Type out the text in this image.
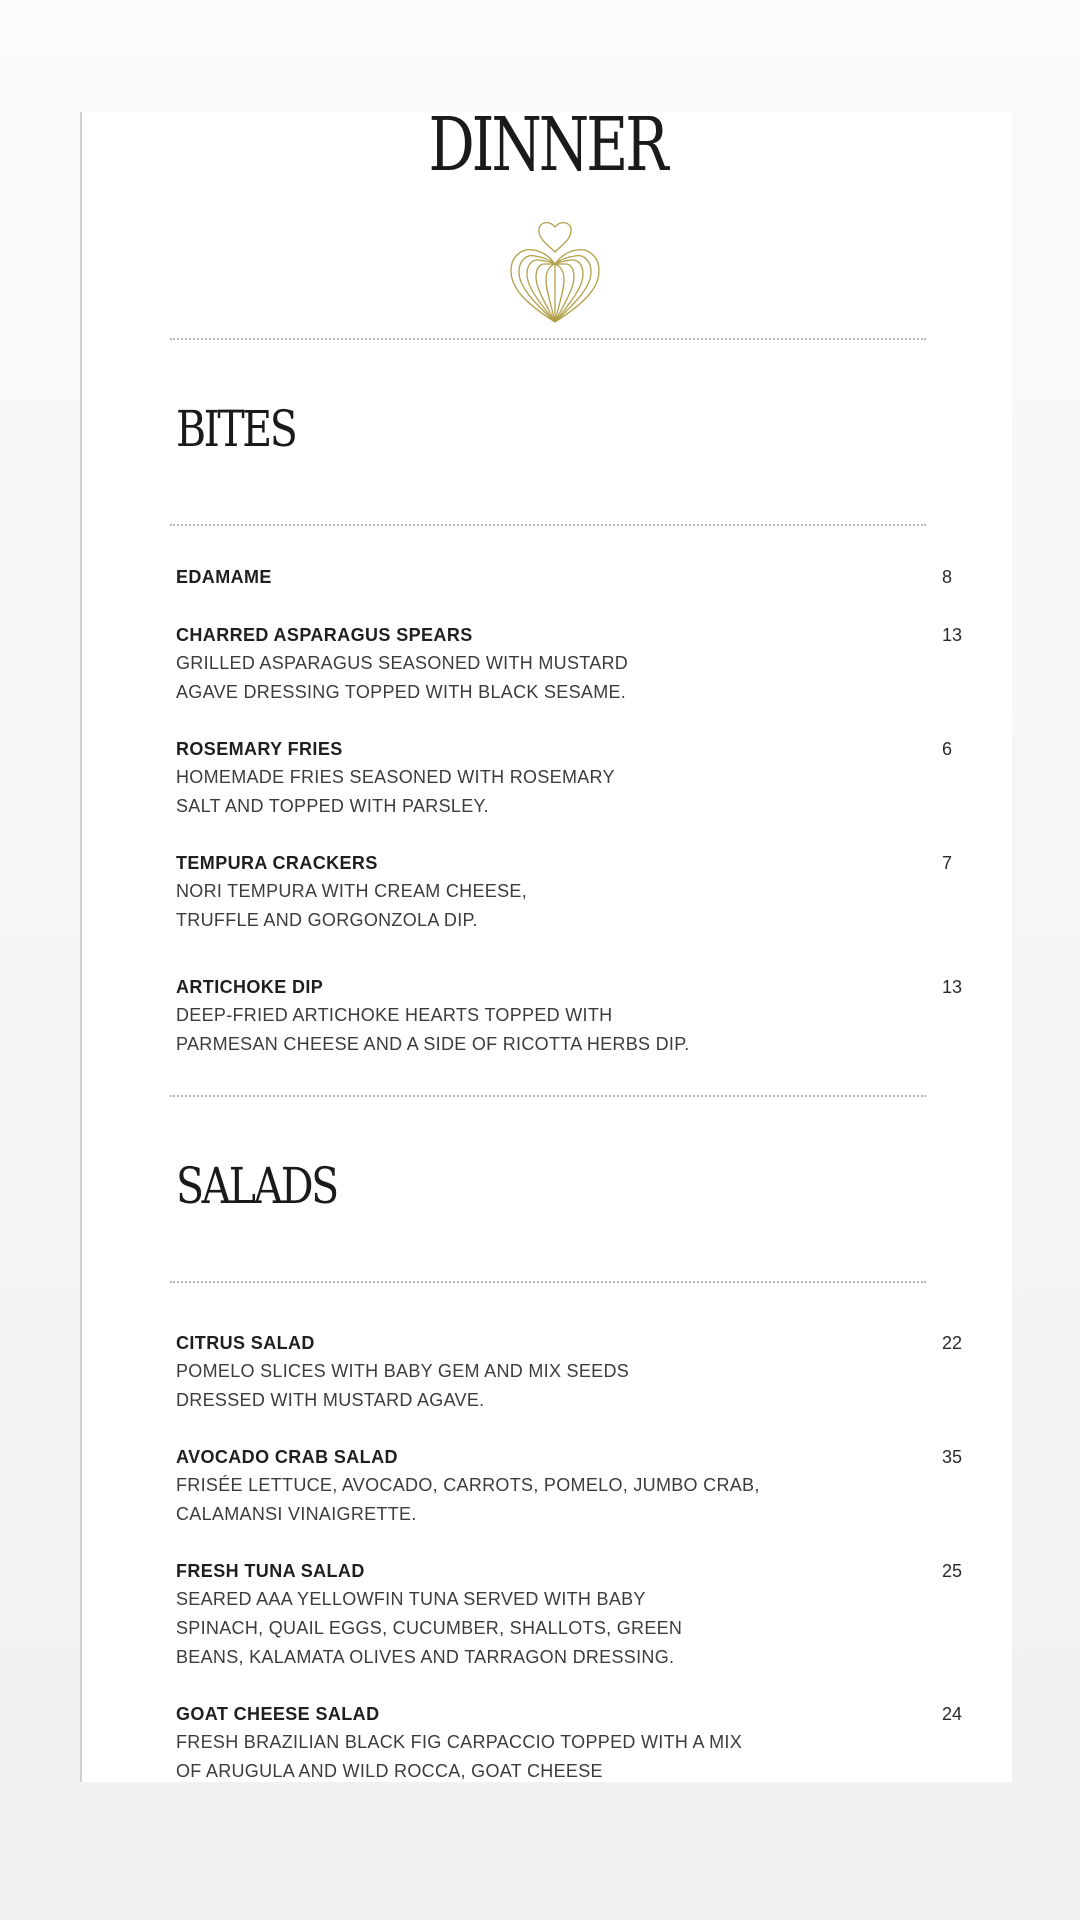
DINNER
BITES
EDAMAME	8
CHARRED ASPARAGUS SPEARS
GRILLED ASPARAGUS SEASONED WITH MUSTARD
AGAVE DRESSING TOPPED WITH BLACK SESAME.
13
ROSEMARY FRIES
HOMEMADE FRIES SEASONED WITH ROSEMARY
SALT AND TOPPED WITH PARSLEY.
6
TEMPURA CRACKERS
NORI TEMPURA WITH CREAM CHEESE,
TRUFFLE AND GORGONZOLA DIP.
7
ARTICHOKE DIP
DEEP-FRIED ARTICHOKE HEARTS TOPPED WITH
PARMESAN CHEESE AND A SIDE OF RICOTTA HERBS DIP.
13
SALADS
CITRUS SALAD
POMELO SLICES WITH BABY GEM AND MIX SEEDS
DRESSED WITH MUSTARD AGAVE.
22
AVOCADO CRAB SALAD
FRISÉE LETTUCE, AVOCADO, CARROTS, POMELO, JUMBO CRAB,
CALAMANSI VINAIGRETTE.
35
FRESH TUNA SALAD
SEARED AAA YELLOWFIN TUNA SERVED WITH BABY
SPINACH, QUAIL EGGS, CUCUMBER, SHALLOTS, GREEN
BEANS, KALAMATA OLIVES AND TARRAGON DRESSING.
25
GOAT CHEESE SALAD
FRESH BRAZILIAN BLACK FIG CARPACCIO TOPPED WITH A MIX
OF ARUGULA AND WILD ROCCA, GOAT CHEESE
24
